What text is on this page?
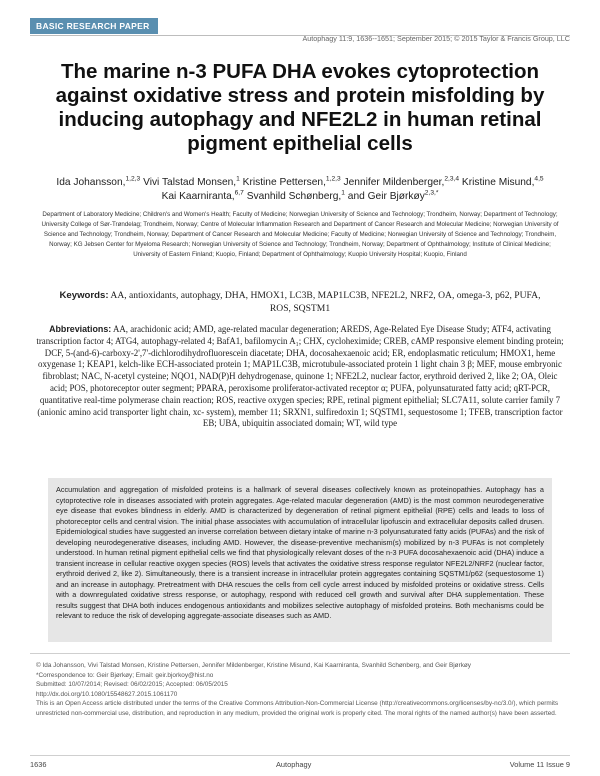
BASIC RESEARCH PAPER
Autophagy 11:9, 1636--1651; September 2015; © 2015 Taylor & Francis Group, LLC
The marine n-3 PUFA DHA evokes cytoprotection against oxidative stress and protein misfolding by inducing autophagy and NFE2L2 in human retinal pigment epithelial cells
Ida Johansson,$^{1,2,3}$ Vivi Talstad Monsen,$^1$ Kristine Pettersen,$^{1,2,3}$ Jennifer Mildenberger,$^{2,3,4}$ Kristine Misund,$^{4,5}$
Kai Kaarniranta,$^{6,7}$ Svanhild Schønberg,$^1$ and Geir Bjørkøy$^{2,3,*}$
Department of Laboratory Medicine; Children's and Women's Health; Faculty of Medicine; Norwegian University of Science and Technology; Trondheim, Norway; Department of Technology; University College of Sør-Trøndelag; Trondheim, Norway; Centre of Molecular Inflammation Research and Department of Cancer Research and Molecular Medicine; Norwegian University of Science and Technology; Trondheim, Norway; Department of Cancer Research and Molecular Medicine; Faculty of Medicine; Norwegian University of Science and Technology; Trondheim, Norway; KG Jebsen Center for Myeloma Research; Norwegian University of Science and Technology; Trondheim, Norway; Department of Ophthalmology; Institute of Clinical Medicine; University of Eastern Finland; Kuopio, Finland; Department of Ophthalmology; Kuopio University Hospital; Kuopio, Finland
Keywords: AA, antioxidants, autophagy, DHA, HMOX1, LC3B, MAP1LC3B, NFE2L2, NRF2, OA, omega-3, p62, PUFA, ROS, SQSTM1
Abbreviations: AA, arachidonic acid; AMD, age-related macular degeneration; AREDS, Age-Related Eye Disease Study; ATF4, activating transcription factor 4; ATG4, autophagy-related 4; BafA1, bafilomycin A₁; CHX, cycloheximide; CREB, cAMP responsive element binding protein; DCF, 5-(and-6)-carboxy-2',7'-dichlorodihydrofluorescein diacetate; DHA, docosahexaenoic acid; ER, endoplasmatic reticulum; HMOX1, heme oxygenase 1; KEAP1, kelch-like ECH-associated protein 1; MAP1LC3B, microtubule-associated protein 1 light chain 3 β; MEF, mouse embryonic fibroblast; NAC, N-acetyl cysteine; NQO1, NAD(P)H dehydrogenase, quinone 1; NFE2L2, nuclear factor, erythroid derived 2, like 2; OA, Oleic acid; POS, photoreceptor outer segment; PPARA, peroxisome proliferator-activated receptor α; PUFA, polyunsaturated fatty acid; qRT-PCR, quantitative real-time polymerase chain reaction; ROS, reactive oxygen species; RPE, retinal pigment epithelial; SLC7A11, solute carrier family 7 (anionic amino acid transporter light chain, xc- system), member 11; SRXN1, sulfiredoxin 1; SQSTM1, sequestosome 1; TFEB, transcription factor EB; UBA, ubiquitin associated domain; WT, wild type
Accumulation and aggregation of misfolded proteins is a hallmark of several diseases collectively known as proteinopathies. Autophagy has a cytoprotective role in diseases associated with protein aggregates. Age-related macular degeneration (AMD) is the most common neurodegenerative eye disease that evokes blindness in elderly. AMD is characterized by degeneration of retinal pigment epithelial (RPE) cells and leads to loss of photoreceptor cells and central vision. The initial phase associates with accumulation of intracellular lipofuscin and extracellular deposits called drusen. Epidemiological studies have suggested an inverse correlation between dietary intake of marine n-3 polyunsaturated fatty acids (PUFAs) and the risk of developing neurodegenerative diseases, including AMD. However, the disease-preventive mechanism(s) mobilized by n-3 PUFAs is not completely understood. In human retinal pigment epithelial cells we find that physiologically relevant doses of the n-3 PUFA docosahexaenoic acid (DHA) induce a transient increase in cellular reactive oxygen species (ROS) levels that activates the oxidative stress response regulator NFE2L2/NRF2 (nuclear factor, erythroid derived 2, like 2). Simultaneously, there is a transient increase in intracellular protein aggregates containing SQSTM1/p62 (sequestosome 1) and an increase in autophagy. Pretreatment with DHA rescues the cells from cell cycle arrest induced by misfolded proteins or oxidative stress. Cells with a downregulated oxidative stress response, or autophagy, respond with reduced cell growth and survival after DHA supplementation. These results suggest that DHA both induces endogenous antioxidants and mobilizes selective autophagy of misfolded proteins. Both mechanisms could be relevant to reduce the risk of developing aggregate-associate diseases such as AMD.
© Ida Johansson, Vivi Talstad Monsen, Kristine Pettersen, Jennifer Mildenberger, Kristine Misund, Kai Kaarniranta, Svanhild Schønberg, and Geir Bjørkøy
*Correspondence to: Geir Bjørkøy; Email: geir.bjorkoy@hist.no
Submitted: 10/07/2014; Revised: 06/02/2015; Accepted: 06/05/2015
http://dx.doi.org/10.1080/15548627.2015.1061170
This is an Open Access article distributed under the terms of the Creative Commons Attribution-Non-Commercial License (http://creativecommons.org/licenses/by-nc/3.0/), which permits unrestricted non-commercial use, distribution, and reproduction in any medium, provided the original work is properly cited. The moral rights of the named author(s) have been asserted.
1636	Autophagy	Volume 11 Issue 9
